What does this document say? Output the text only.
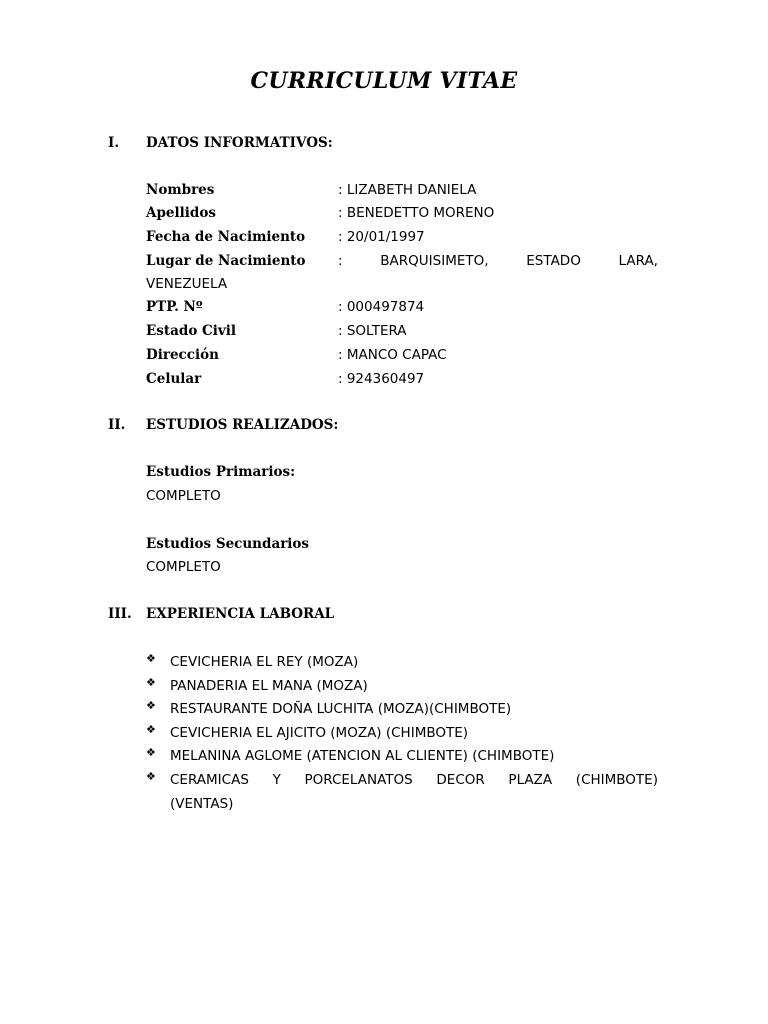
CURRICULUM VITAE
I. DATOS INFORMATIVOS:
Nombres	: LIZABETH DANIELA
Apellidos	: BENEDETTO MORENO
Fecha de Nacimiento : 20/01/1997
Lugar de Nacimiento :	BARQUISIMETO,	ESTADO	LARA,
VENEZUELA
PTP. Nº	: 000497874
Estado Civil	: SOLTERA
Dirección	: MANCO CAPAC
Celular	: 924360497
II. ESTUDIOS REALIZADOS:
Estudios Primarios:
COMPLETO
Estudios Secundarios
COMPLETO
III. EXPERIENCIA LABORAL
❖	CEVICHERIA EL REY (MOZA)
❖	PANADERIA EL MANA (MOZA)
❖	RESTAURANTE DOÑA LUCHITA (MOZA)(CHIMBOTE)
❖	CEVICHERIA EL AJICITO (MOZA) (CHIMBOTE)
❖	MELANINA AGLOME (ATENCION AL CLIENTE) (CHIMBOTE)
❖	CERAMICAS Y PORCELANATOS DECOR PLAZA (CHIMBOTE)
(VENTAS)
